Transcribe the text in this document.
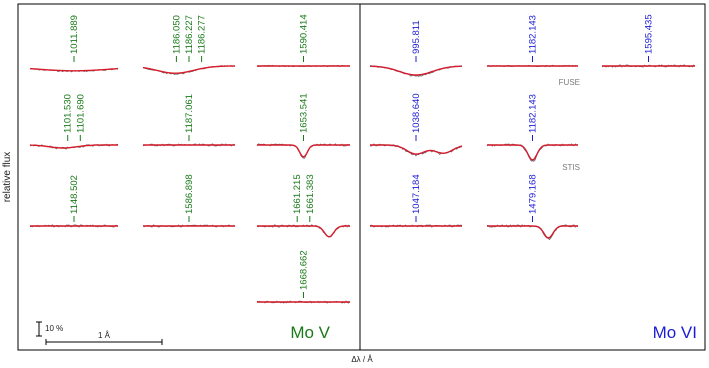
relative flux
Δλ / Å
10 %
1 Å
FUSE
STIS
Mo V	Mo VI
1011.889	1186.050 1186.227 1186.277	1590.414
1101.530 1101.690	1187.061	1653.541
1148.502	1586.898	1661.215 1661.383
1668.662
995.811	1182.143	1595.435
1038.640	1182.143
1047.184	1479.168
